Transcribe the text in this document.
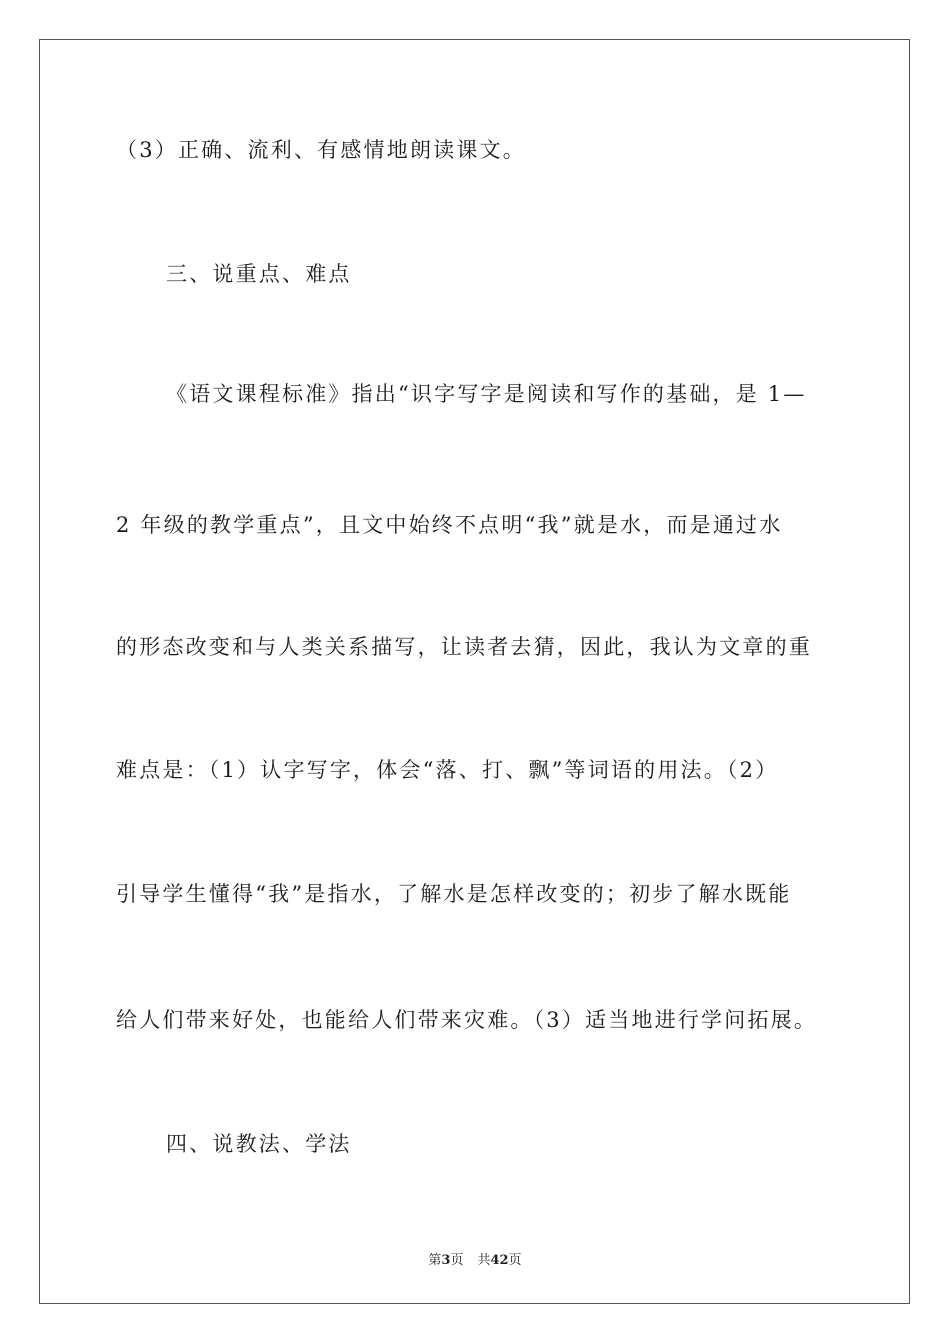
（3）正确、流利、有感情地朗读课文。
三、说重点、难点
《语文课程标准》指出“识字写字是阅读和写作的基础，是 1—
2 年级的教学重点”，且文中始终不点明“我”就是水，而是通过水
的形态改变和与人类关系描写，让读者去猜，因此，我认为文章的重
难点是：（1）认字写字，体会“落、打、飘”等词语的用法。（2）
引导学生懂得“我”是指水，了解水是怎样改变的；初步了解水既能
给人们带来好处，也能给人们带来灾难。（3）适当地进行学问拓展。
四、说教法、学法
第3页 共42页
